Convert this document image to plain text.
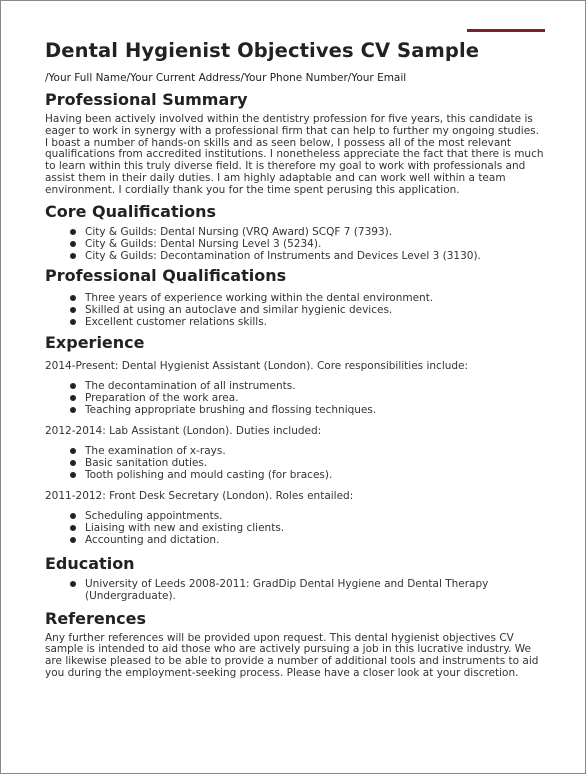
Dental Hygienist Objectives CV Sample
/Your Full Name/Your Current Address/Your Phone Number/Your Email
Professional Summary

Having been actively involved within the dentistry profession for five years, this candidate is eager to work in synergy with a professional firm that can help to further my ongoing studies. I boast a number of hands-on skills and as seen below, I possess all of the most relevant qualifications from accredited institutions. I nonetheless appreciate the fact that there is much to learn within this truly diverse field. It is therefore my goal to work with professionals and assist them in their daily duties. I am highly adaptable and can work well within a team environment. I cordially thank you for the time spent perusing this application.

Core Qualifications
City & Guilds: Dental Nursing (VRQ Award) SCQF 7 (7393).
City & Guilds: Dental Nursing Level 3 (5234).
City & Guilds: Decontamination of Instruments and Devices Level 3 (3130).
Professional Qualifications
Three years of experience working within the dental environment.
Skilled at using an autoclave and similar hygienic devices.
Excellent customer relations skills.
Experience
2014-Present: Dental Hygienist Assistant (London). Core responsibilities include:
The decontamination of all instruments.
Preparation of the work area.
Teaching appropriate brushing and flossing techniques.
2012-2014: Lab Assistant (London). Duties included:
The examination of x-rays.
Basic sanitation duties.
Tooth polishing and mould casting (for braces).
2011-2012: Front Desk Secretary (London). Roles entailed:
Scheduling appointments.
Liaising with new and existing clients.
Accounting and dictation.
Education
University of Leeds 2008-2011: GradDip Dental Hygiene and Dental Therapy (Undergraduate).
References

Any further references will be provided upon request. This dental hygienist objectives CV sample is intended to aid those who are actively pursuing a job in this lucrative industry. We are likewise pleased to be able to provide a number of additional tools and instruments to aid you during the employment-seeking process. Please have a closer look at your discretion.
